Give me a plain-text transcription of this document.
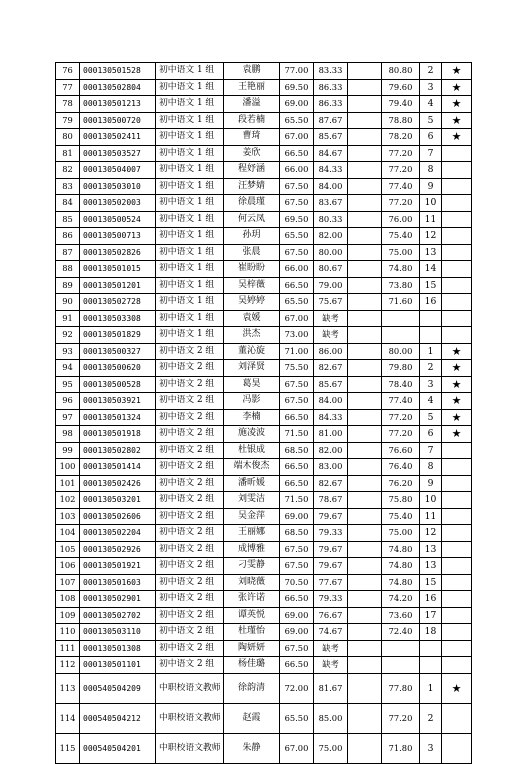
76	000130501528	初中语文 1 组	袁鹏	77.00	83.33		80.80	2	★
77	000130502804	初中语文 1 组	王艳丽	69.50	86.33		79.60	3	★
78	000130501213	初中语文 1 组	潘溢	69.00	86.33		79.40	4	★
79	000130500720	初中语文 1 组	段若楠	65.50	87.67		78.80	5	★
80	000130502411	初中语文 1 组	曹琦	67.00	85.67		78.20	6	★
81	000130503527	初中语文 1 组	姜欣	66.50	84.67		77.20	7	
82	000130504007	初中语文 1 组	程妤涵	66.00	84.33		77.20	8	
83	000130503010	初中语文 1 组	汪梦婧	67.50	84.00		77.40	9	
84	000130502003	初中语文 1 组	徐晨瑾	67.50	83.67		77.20	10	
85	000130500524	初中语文 1 组	何云凤	69.50	80.33		76.00	11	
86	000130500713	初中语文 1 组	孙玥	65.50	82.00		75.40	12	
87	000130502826	初中语文 1 组	张晨	67.50	80.00		75.00	13	
88	000130501015	初中语文 1 组	崔盼盼	66.00	80.67		74.80	14	
89	000130501201	初中语文 1 组	吴梓薇	66.50	79.00		73.80	15	
90	000130502728	初中语文 1 组	吴婷婷	65.50	75.67		71.60	16	
91	000130503308	初中语文 1 组	袁媛	67.00	缺考				
92	000130501829	初中语文 1 组	洪杰	73.00	缺考				
93	000130500327	初中语文 2 组	董沁旋	71.00	86.00		80.00	1	★
94	000130500620	初中语文 2 组	刘泽贤	75.50	82.67		79.80	2	★
95	000130500528	初中语文 2 组	葛昊	67.50	85.67		78.40	3	★
96	000130503921	初中语文 2 组	冯影	67.50	84.00		77.40	4	★
97	000130501324	初中语文 2 组	李楠	66.50	84.33		77.20	5	★
98	000130501918	初中语文 2 组	施凌波	71.50	81.00		77.20	6	★
99	000130502802	初中语文 2 组	杜银成	68.50	82.00		76.60	7	
100	000130501414	初中语文 2 组	端木俊杰	66.50	83.00		76.40	8	
101	000130502426	初中语文 2 组	潘昕媛	66.50	82.67		76.20	9	
102	000130503201	初中语文 2 组	刘雯洁	71.50	78.67		75.80	10	
103	000130502606	初中语文 2 组	吴金萍	69.00	79.67		75.40	11	
104	000130502204	初中语文 2 组	王丽娜	68.50	79.33		75.00	12	
105	000130502926	初中语文 2 组	成博雅	67.50	79.67		74.80	13	
106	000130501921	初中语文 2 组	刁雯静	67.50	79.67		74.80	13	
107	000130501603	初中语文 2 组	刘晓薇	70.50	77.67		74.80	15	
108	000130502901	初中语文 2 组	张许诺	66.50	79.33		74.20	16	
109	000130502702	初中语文 2 组	谭英悦	69.00	76.67		73.60	17	
110	000130503110	初中语文 2 组	杜瑾怡	69.00	74.67		72.40	18	
111	000130501308	初中语文 2 组	陶妍妍	67.50	缺考				
112	000130501101	初中语文 2 组	杨佳璐	66.50	缺考				
113	000540504209	中职校语文教师	徐韵清	72.00	81.67		77.80	1	★
114	000540504212	中职校语文教师	赵霞	65.50	85.00		77.20	2	
115	000540504201	中职校语文教师	朱静	67.00	75.00		71.80	3	
